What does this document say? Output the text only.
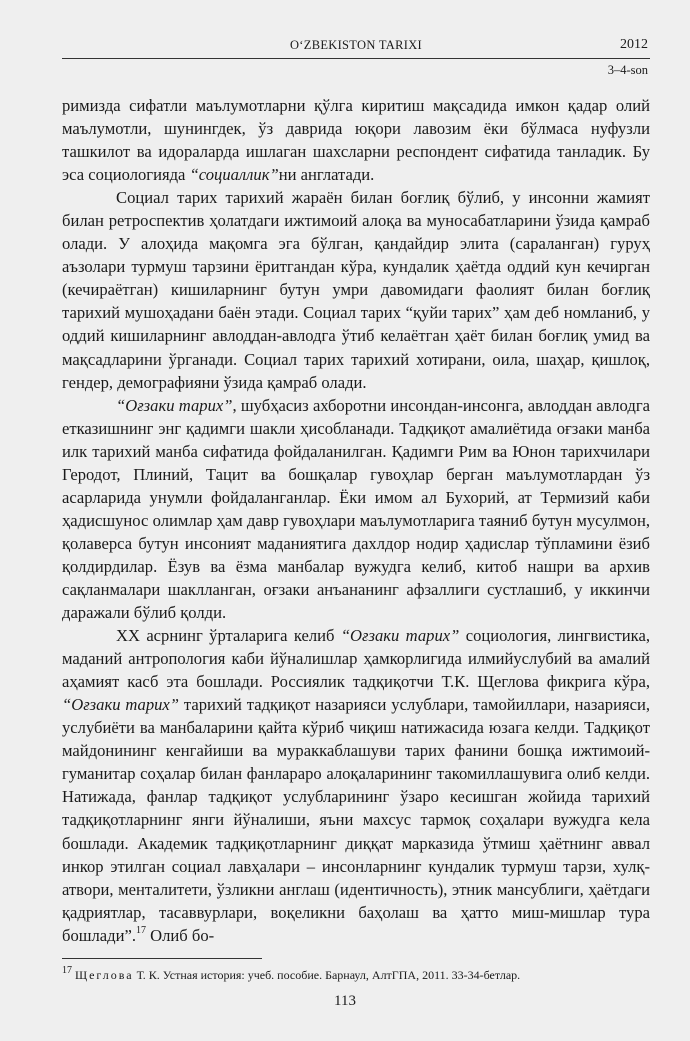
O‘ZBEKISTON TARIXI	2012
3–4-son

римизда сифатли маълумотларни қўлга киритиш мақсадида имкон қадар олий маълумотли, шунингдек, ўз даврида юқори лавозим ёки бўлмаса нуфузли ташкилот ва идораларда ишлаган шахсларни респондент сифатида танладик. Бу эса социологияда “социаллик”ни англатади.

Социал тарих тарихий жараён билан боғлиқ бўлиб, у инсонни жамият билан ретроспектив ҳолатдаги ижтимоий алоқа ва муносабатларини ўзида қамраб олади. У алоҳида мақомга эга бўлган, қандайдир элита (сараланган) гуруҳ аъзолари турмуш тарзини ёритгандан кўра, кундалик ҳаётда оддий кун кечирган (кечираётган) кишиларнинг бутун умри давомидаги фаолият билан боғлиқ тарихий мушоҳадани баён этади. Социал тарих “қуйи тарих” ҳам деб номланиб, у оддий кишиларнинг авлоддан-авлодга ўтиб келаётган ҳаёт билан боғлиқ умид ва мақсадларини ўрганади. Социал тарих тарихий хотирани, оила, шаҳар, қишлоқ, гендер, демографияни ўзида қамраб олади.

“Оғзаки тарих”, шубҳасиз ахборотни инсондан-инсонга, авлоддан авлодга етказишнинг энг қадимги шакли ҳисобланади. Тадқиқот амалиётида оғзаки манба илк тарихий манба сифатида фойдаланилган. Қадимги Рим ва Юнон тарихчилари Геродот, Плиний, Тацит ва бошқалар гувоҳлар берган маълумотлардан ўз асарларида унумли фойдаланганлар. Ёки имом ал Бухорий, ат Термизий каби ҳадисшунос олимлар ҳам давр гувоҳлари маълумотларига таяниб бутун мусулмон, қолаверса бутун инсоният маданиятига дахлдор нодир ҳадислар тўпламини ёзиб қолдирдилар. Ёзув ва ёзма манбалар вужудга келиб, китоб нашри ва архив сақланмалари шаклланган, оғзаки анъананинг афзаллиги сустлашиб, у иккинчи даражали бўлиб қолди.

XX асрнинг ўрталарига келиб “Оғзаки тарих” социология, лингвистика, маданий антропология каби йўналишлар ҳамкорлигида илмийуслубий ва амалий аҳамият касб эта бошлади. Россиялик тадқиқотчи Т.К. Щеглова фикрига кўра, “Оғзаки тарих” тарихий тадқиқот назарияси услублари, тамойиллари, назарияси, услубиёти ва манбаларини қайта кўриб чиқиш натижасида юзага келди. Тадқиқот майдонининг кенгайиши ва мураккаблашуви тарих фанини бошқа ижтимоий-гуманитар соҳалар билан фанлараро алоқаларининг такомиллашувига олиб келди. Натижада, фанлар тадқиқот услубларининг ўзаро кесишган жойида тарихий тадқиқотларнинг янги йўналиши, яъни махсус тармоқ соҳалари вужудга кела бошлади. Академик тадқиқотларнинг диққат марказида ўтмиш ҳаётнинг аввал инкор этилган социал лавҳалари – инсонларнинг кундалик турмуш тарзи, хулқ-атвори, менталитети, ўзликни англаш (идентичность), этник мансублиги, ҳаётдаги қадриятлар, тасаввурлари, воқеликни баҳолаш ва ҳатто миш-мишлар тура бошлади”.$^{17}$ Олиб бо-

$^{17}$ Щеглова Т. К. Устная история: учеб. пособие. Барнаул, АлтГПА, 2011. 33-34-бетлар.
113
